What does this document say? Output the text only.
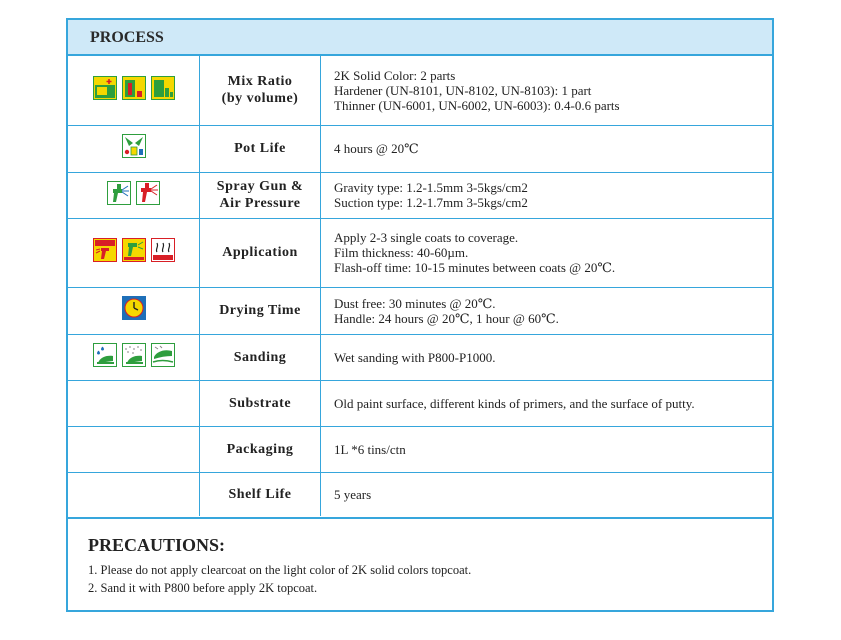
PROCESS

Mix Ratio
(by volume)	2K Solid Color: 2 parts
Hardener (UN-8101, UN-8102, UN-8103): 1 part
Thinner (UN-6001, UN-6002, UN-6003): 0.4-0.6 parts

Pot Life	4 hours @ 20℃

Spray Gun &
Air Pressure	Gravity type: 1.2-1.5mm 3-5kgs/cm2
Suction type: 1.2-1.7mm 3-5kgs/cm2

Application	Apply 2-3 single coats to coverage.
Film thickness: 40-60µm.
Flash-off time: 10-15 minutes between coats @ 20℃.

Drying Time	Dust free: 30 minutes @ 20℃.
Handle: 24 hours @ 20℃, 1 hour @ 60℃.

Sanding	Wet sanding with P800-P1000.

	Substrate	Old paint surface, different kinds of primers, and the surface of putty.

	Packaging	1L *6 tins/ctn

	Shelf Life	5 years
PRECAUTIONS:
1. Please do not apply clearcoat on the light color of 2K solid colors topcoat.
2. Sand it with P800 before apply 2K topcoat.
